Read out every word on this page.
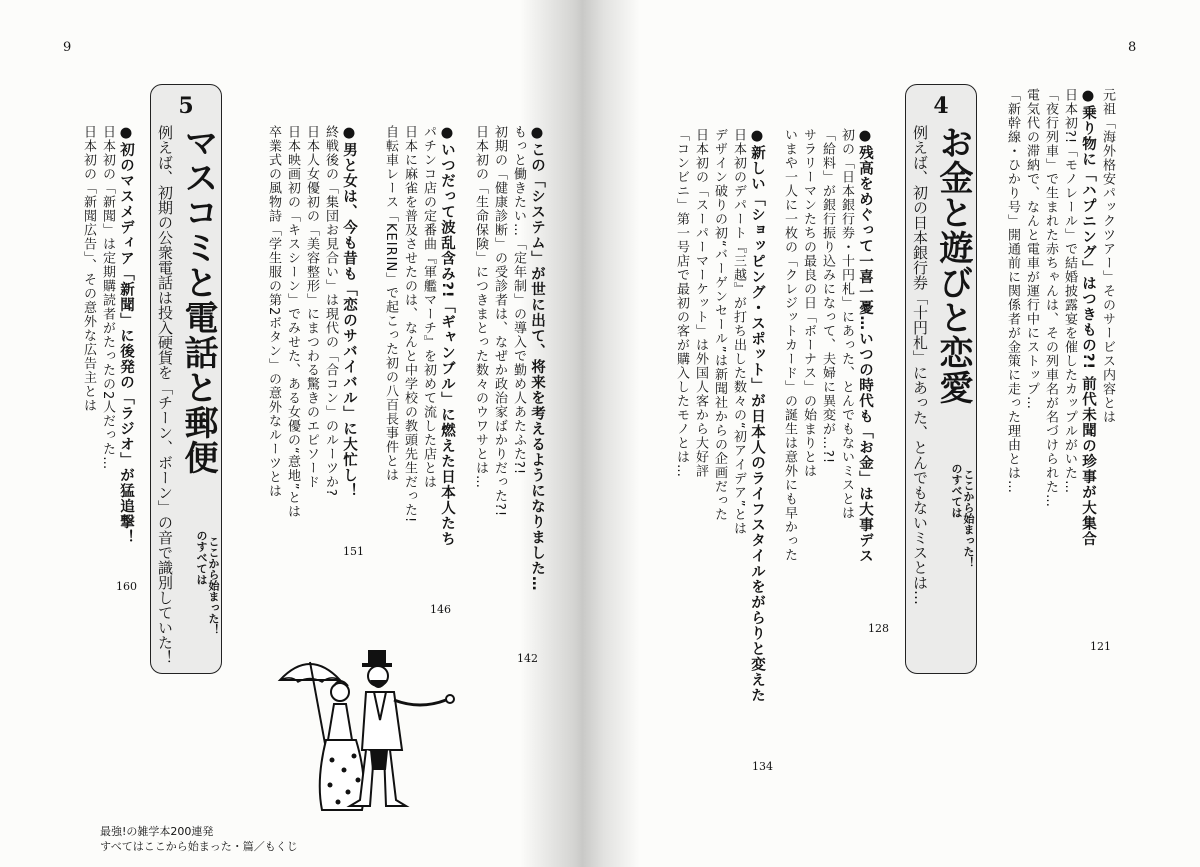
9	8
元祖「海外格安パックツアー」そのサービス内容とは
●乗り物に「ハプニング」はつきもの?! 前代未聞の珍事が大集合
日本初?!「モノレール」で結婚披露宴を催したカップルがいた…
「夜行列車」で生まれた赤ちゃんは、その列車名が名づけられた…
電気代の滞納で、なんと電車が運行中にストップ…
「新幹線・ひかり号」開通前に関係者が金策に走った理由とは…
121
4
お金と遊びと恋愛
のすべては ここから始まった！
例えば、初の日本銀行券「十円札」にあった、とんでもないミスとは…
●残高をめぐって一喜一憂…いつの時代も「お金」は大事デス
初の「日本銀行券・十円札」にあった、とんでもないミスとは
「給料」が銀行振り込みになって、夫婦に異変が…?!
サラリーマンたちの最良の日「ボーナス」の始まりとは
いまや一人に一枚の「クレジットカード」の誕生は意外にも早かった
128
●新しい「ショッピング・スポット」が日本人のライフスタイルをがらりと変えた
日本初のデパート『三越』が打ち出した数々の“初アイデア”とは
デザイン破りの初“バーゲンセール”は新聞社からの企画だった
日本初の「スーパーマーケット」は外国人客から大好評
「コンビニ」第一号店で最初の客が購入したモノとは…
134
●この「システム」が世に出て、将来を考えるようになりました…
もっと働きたい…「定年制」の導入で勤め人あたふた?!
初期の「健康診断」の受診者は、なぜか政治家ばかりだった?!
日本初の「生命保険」につきまとった数々のウワサとは…
142
●いつだって波乱含み?!「ギャンブル」に燃えた日本人たち
パチンコ店の定番曲『軍艦マーチ』を初めて流した店とは
日本に麻雀を普及させたのは、なんと中学校の教頭先生だった!
自転車レース「KEIRIN」で起こった初の八百長事件とは
146
●男と女は、今も昔も「恋のサバイバル」に大忙し！
終戦後の「集団お見合い」は現代の「合コン」のルーツか?
日本人女優初の「美容整形」にまつわる驚きのエピソード
日本映画初の「キスシーン」でみせた、ある女優の“意地”とは
卒業式の風物詩「学生服の第2ボタン」の意外なルーツとは
151
5
マスコミと電話と郵便
のすべては ここから始まった！
例えば、初期の公衆電話は投入硬貨を「チーン、ボーン」の音で識別していた！
●初のマスメディア「新聞」に後発の「ラジオ」が猛追撃！
日本初の「新聞」は定期購読者がたったの2人だった…
日本初の「新聞広告」、その意外な広告主とは
160
最強!の雑学本200連発
すべてはここから始まった・篇／もくじ
